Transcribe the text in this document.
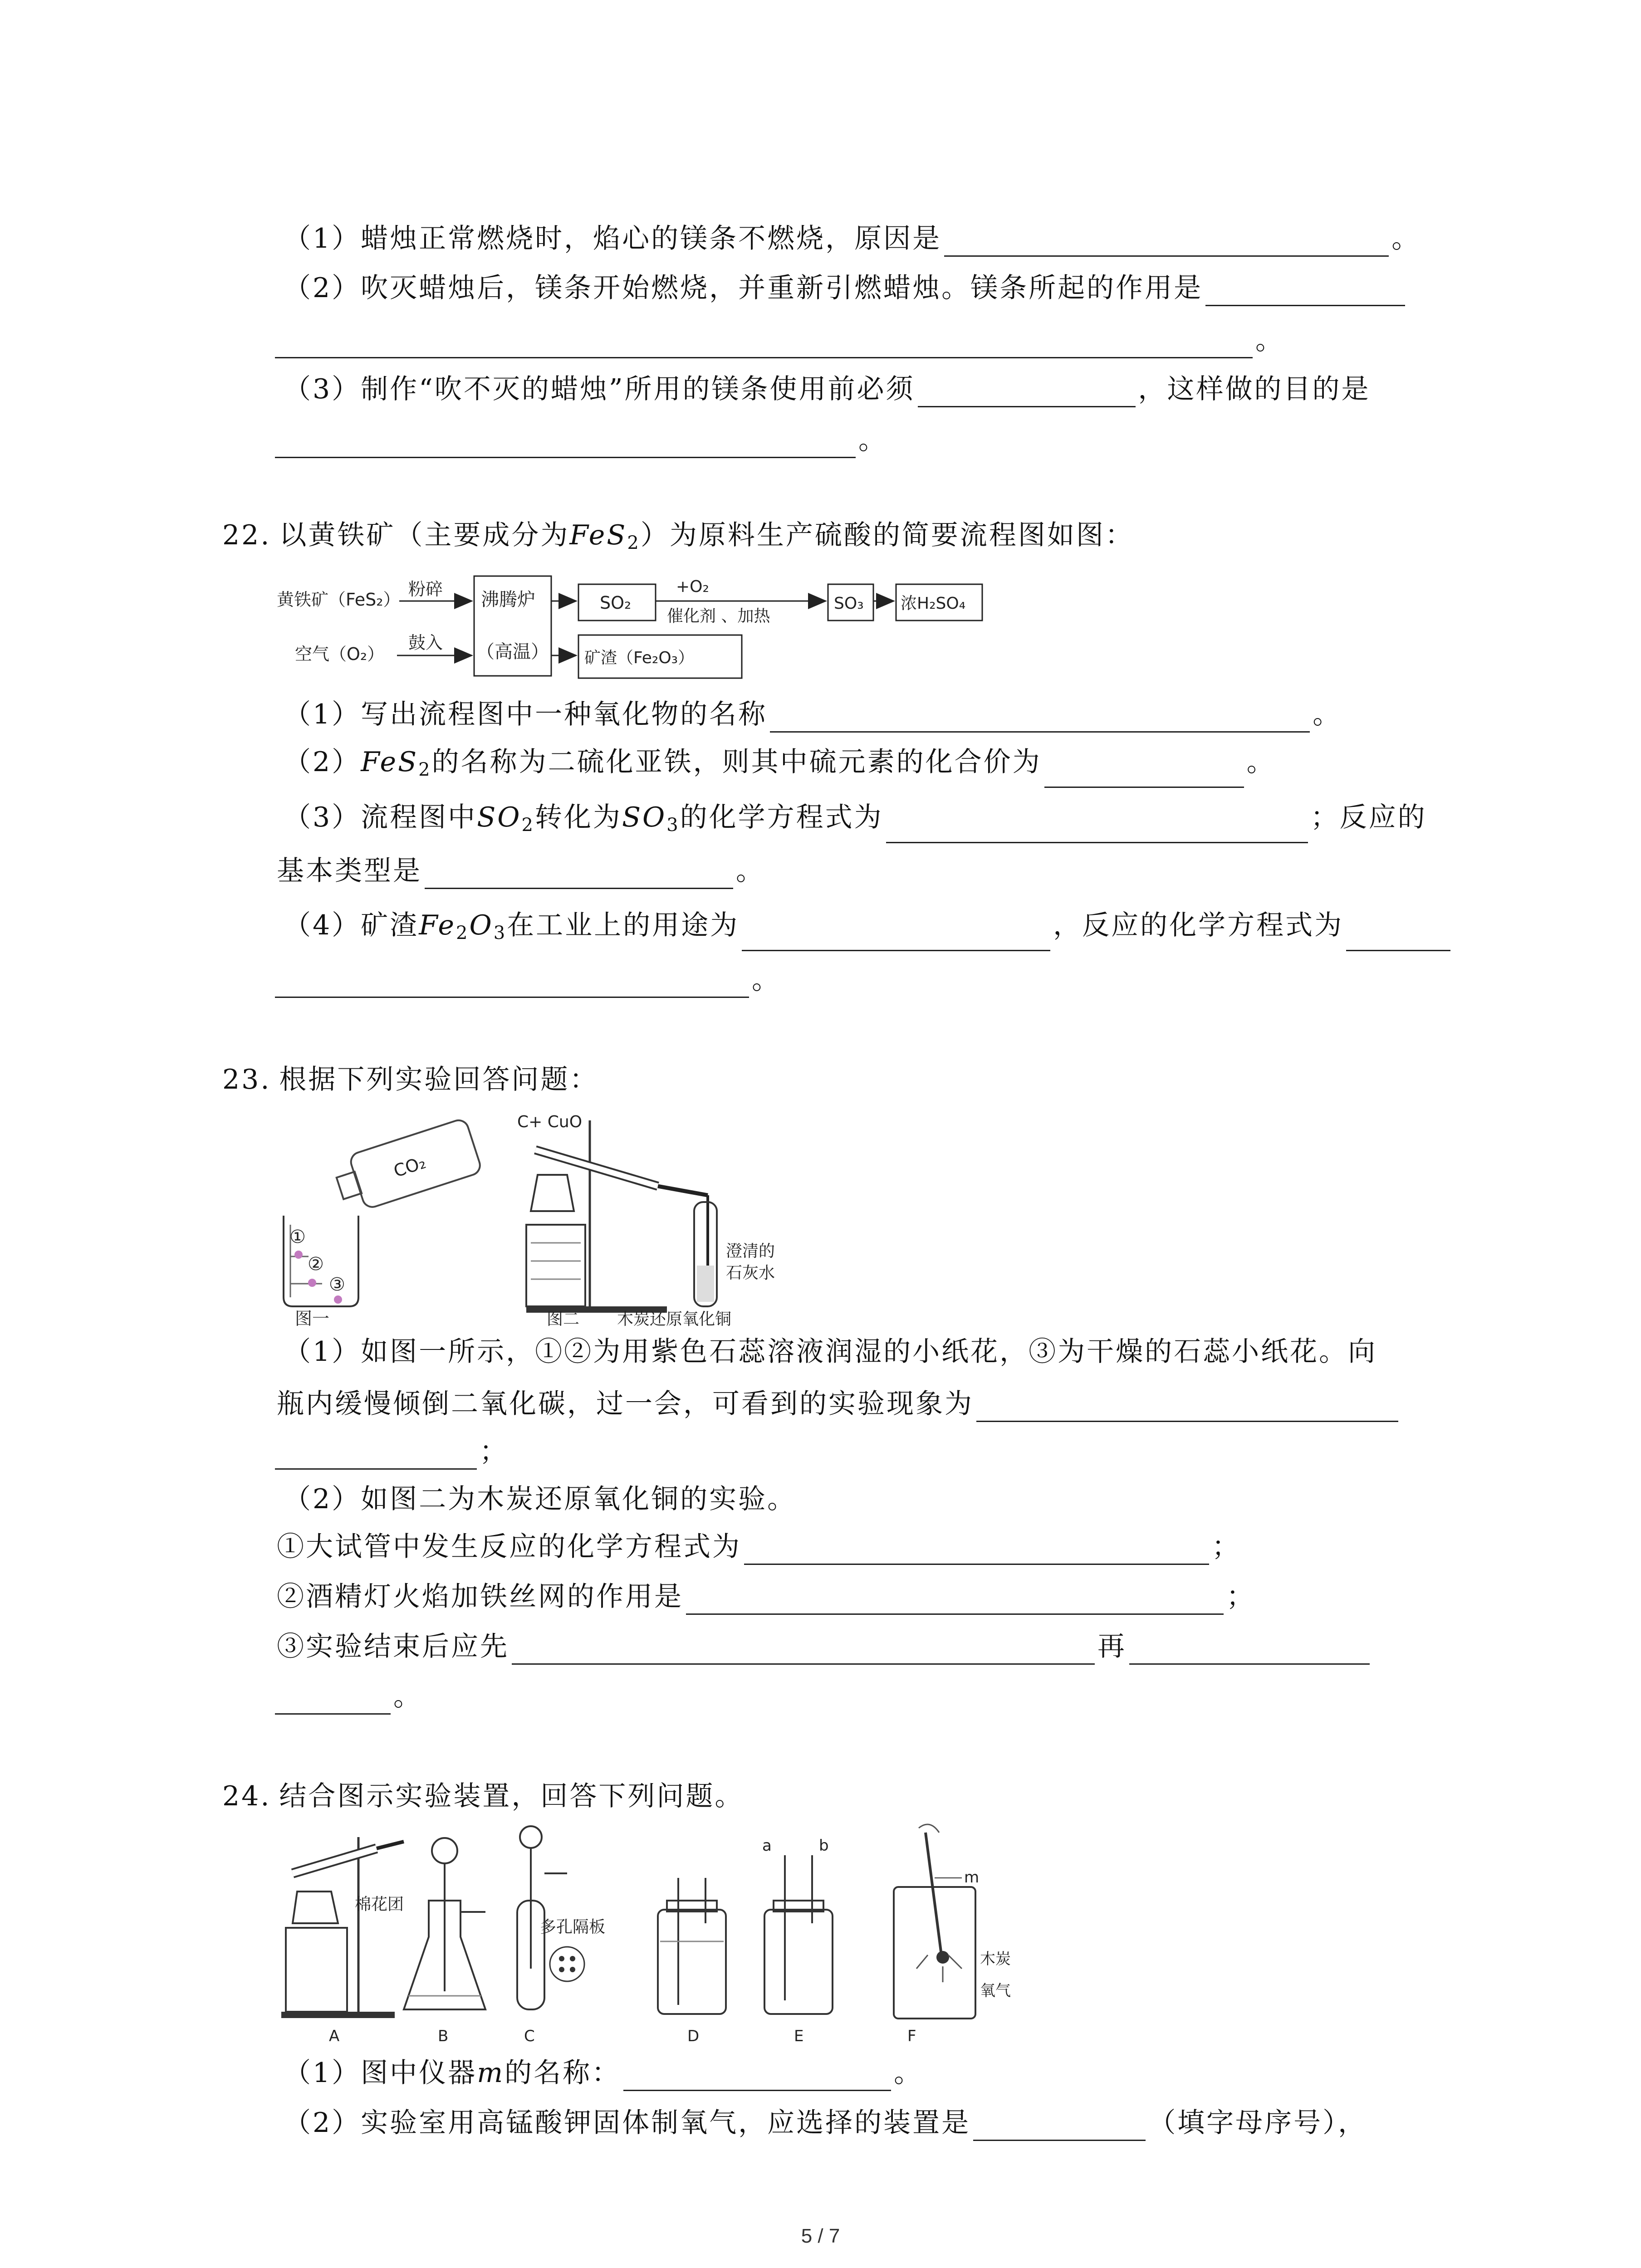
（1）蜡烛正常燃烧时，焰心的镁条不燃烧，原因是	。
（2）吹灭蜡烛后，镁条开始燃烧，并重新引燃蜡烛。镁条所起的作用是
。
（3）制作“吹不灭的蜡烛”所用的镁条使用前必须	，这样做的目的是
。
22. 以黄铁矿（主要成分为FeS$_2$）为原料生产硫酸的简要流程图如图：
黄铁矿（FeS₂）
粉碎
空气（O₂）
鼓入
沸腾炉
（高温）
SO₂
+O₂
催化剂 、加热
SO₃ 浓H₂SO₄
矿渣（Fe₂O₃）
（1）写出流程图中一种氧化物的名称	。
（2）FeS$_2$的名称为二硫化亚铁，则其中硫元素的化合价为	。
（3）流程图中$SO_2$转化为$SO_3$的化学方程式为	；反应的
基本类型是	。
（4）矿渣$Fe_2O_3$在工业上的用途为	，反应的化学方程式为
。
23. 根据下列实验回答问题：
①
②
③
CO₂
图一
C+ CuO
澄清的
石灰水
图二 木炭还原氧化铜
（1）如图一所示，①②为用紫色石蕊溶液润湿的小纸花，③为干燥的石蕊小纸花。向
瓶内缓慢倾倒二氧化碳，过一会，可看到的实验现象为
；
（2）如图二为木炭还原氧化铜的实验。
①大试管中发生反应的化学方程式为	；
②酒精灯火焰加铁丝网的作用是	；
③实验结束后应先	再
。
24. 结合图示实验装置，回答下列问题。
棉花团
A	B
多孔隔板
C	D
a	b
E
m
木炭
氧气
F
（1）图中仪器m的名称：	。
（2）实验室用高锰酸钾固体制氧气，应选择的装置是	（填字母序号），
5 / 7
